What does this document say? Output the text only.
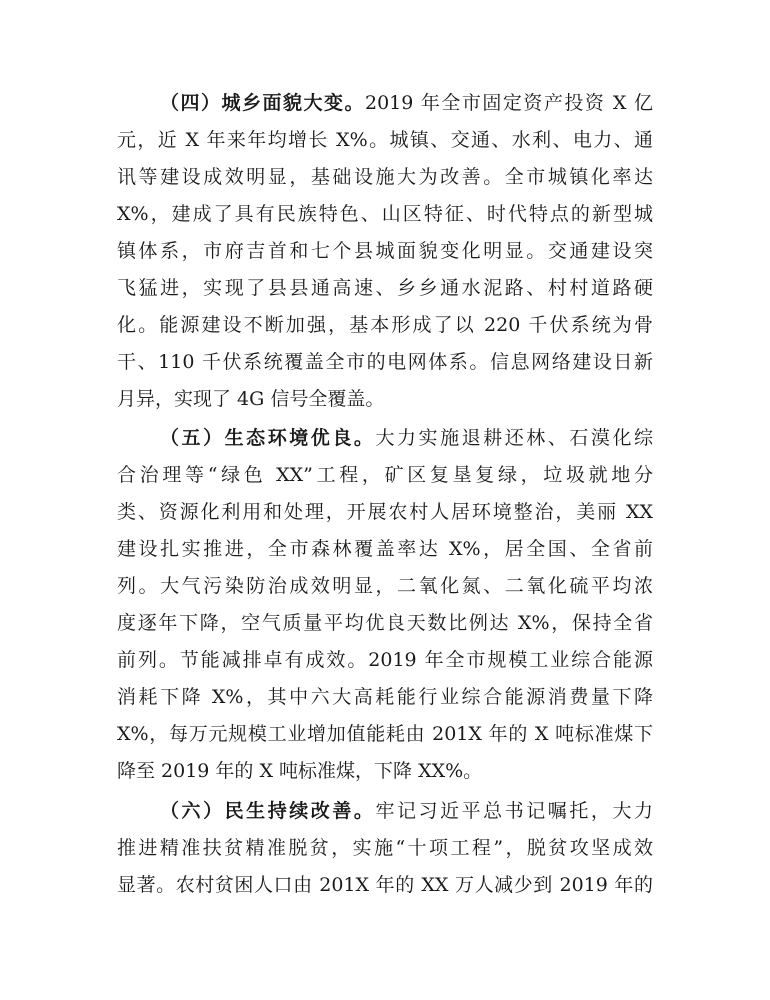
（四）城乡面貌大变。2019 年全市固定资产投资 X 亿
元，近 X 年来年均增长 X%。城镇、交通、水利、电力、通
讯等建设成效明显，基础设施大为改善。全市城镇化率达
X%，建成了具有民族特色、山区特征、时代特点的新型城
镇体系，市府吉首和七个县城面貌变化明显。交通建设突
飞猛进，实现了县县通高速、乡乡通水泥路、村村道路硬
化。能源建设不断加强，基本形成了以 220 千伏系统为骨
干、110 千伏系统覆盖全市的电网体系。信息网络建设日新
月异，实现了 4G 信号全覆盖。
（五）生态环境优良。大力实施退耕还林、石漠化综
合治理等“绿色 XX”工程，矿区复垦复绿，垃圾就地分
类、资源化利用和处理，开展农村人居环境整治，美丽 XX
建设扎实推进，全市森林覆盖率达 X%，居全国、全省前
列。大气污染防治成效明显，二氧化氮、二氧化硫平均浓
度逐年下降，空气质量平均优良天数比例达 X%，保持全省
前列。节能减排卓有成效。2019 年全市规模工业综合能源
消耗下降 X%，其中六大高耗能行业综合能源消费量下降
X%，每万元规模工业增加值能耗由 201X 年的 X 吨标准煤下
降至 2019 年的 X 吨标准煤，下降 XX%。
（六）民生持续改善。牢记习近平总书记嘱托，大力
推进精准扶贫精准脱贫，实施“十项工程”，脱贫攻坚成效
显著。农村贫困人口由 201X 年的 XX 万人减少到 2019 年的
